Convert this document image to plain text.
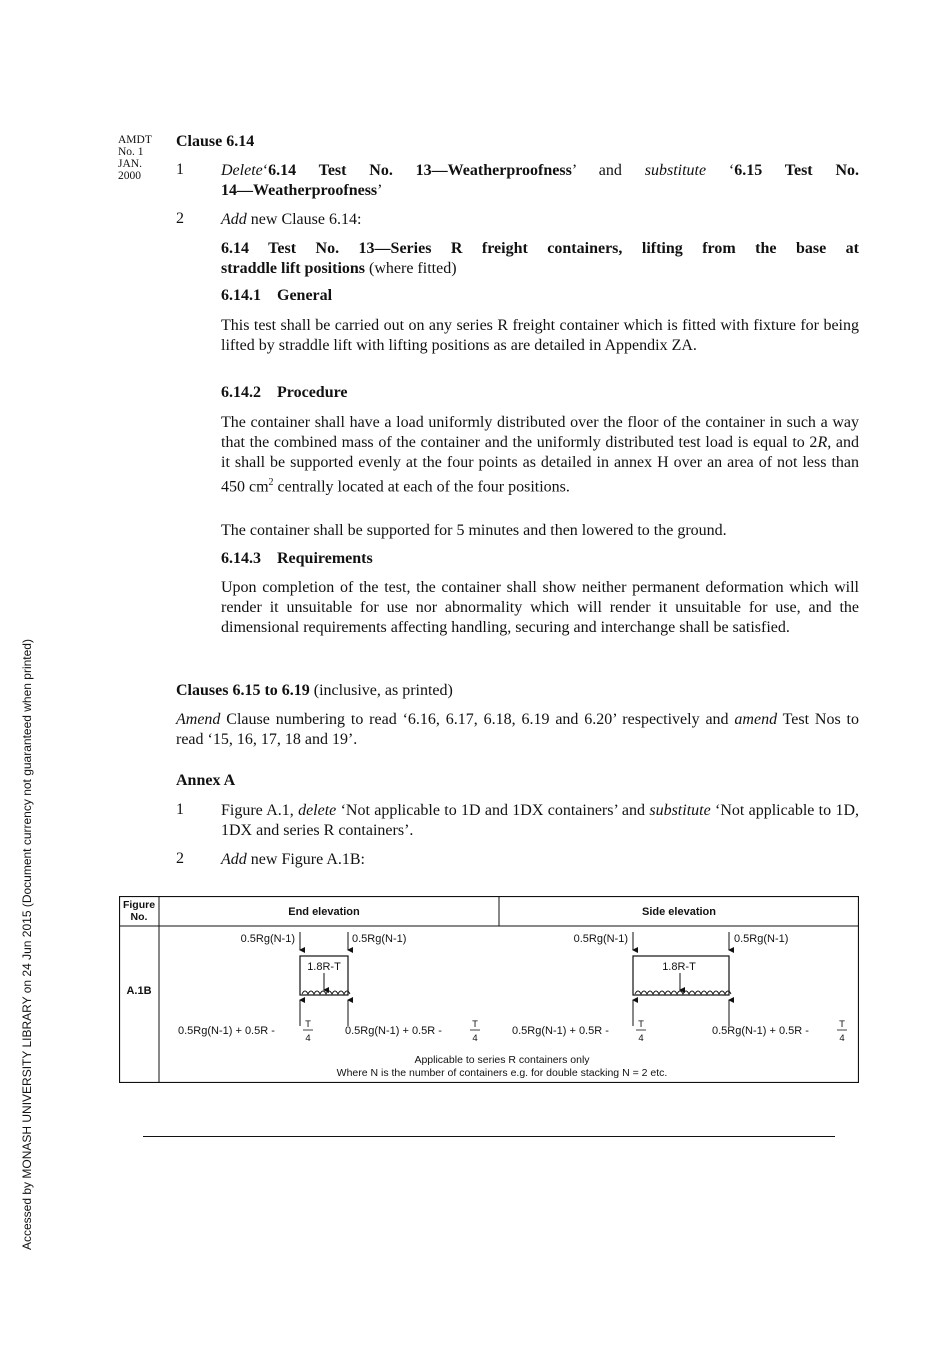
AMDT
No. 1
JAN.
2000
Clause 6.14
1 Delete‘6.14 Test No. 13—Weatherproofness’ and substitute ‘6.15 Test No.
14—Weatherproofness’
2 Add new Clause 6.14:
6.14 Test No. 13—Series R freight containers, lifting from the base at
straddle lift positions (where fitted)
6.14.1    General
This test shall be carried out on any series R freight container which is fitted with fixture for being lifted by straddle lift with lifting positions as are detailed in Appendix ZA.
6.14.2    Procedure
The container shall have a load uniformly distributed over the floor of the container in such a way that the combined mass of the container and the uniformly distributed test load is equal to 2R, and it shall be supported evenly at the four points as detailed in annex H over an area of not less than 450 $cm^2$ centrally located at each of the four positions.
The container shall be supported for 5 minutes and then lowered to the ground.
6.14.3    Requirements
Upon completion of the test, the container shall show neither permanent deformation which will render it unsuitable for use nor abnormality which will render it unsuitable for use, and the dimensional requirements affecting handling, securing and interchange shall be satisfied.
Clauses 6.15 to 6.19 (inclusive, as printed)
Amend Clause numbering to read ‘6.16, 6.17, 6.18, 6.19 and 6.20’ respectively and amend Test Nos to read ‘15, 16, 17, 18 and 19’.
Annex A
1 Figure A.1, delete ‘Not applicable to 1D and 1DX containers’ and substitute ‘Not applicable to 1D, 1DX and series R containers’.
2 Add new Figure A.1B:
Figure
No.	End elevation	Side elevation
A.1B
0.5Rg(N-1)	0.5Rg(N-1)
1.8R-T
0.5Rg(N-1) + 0.5R -
T
4
0.5Rg(N-1) + 0.5R -
T
4
0.5Rg(N-1)	0.5Rg(N-1)
1.8R-T
0.5Rg(N-1) + 0.5R -
T
4
0.5Rg(N-1) + 0.5R -
T
4
Applicable to series R containers only
Where N is the number of containers e.g. for double stacking N = 2 etc.
Accessed by MONASH UNIVERSITY LIBRARY on 24 Jun 2015 (Document currency not guaranteed when printed)
